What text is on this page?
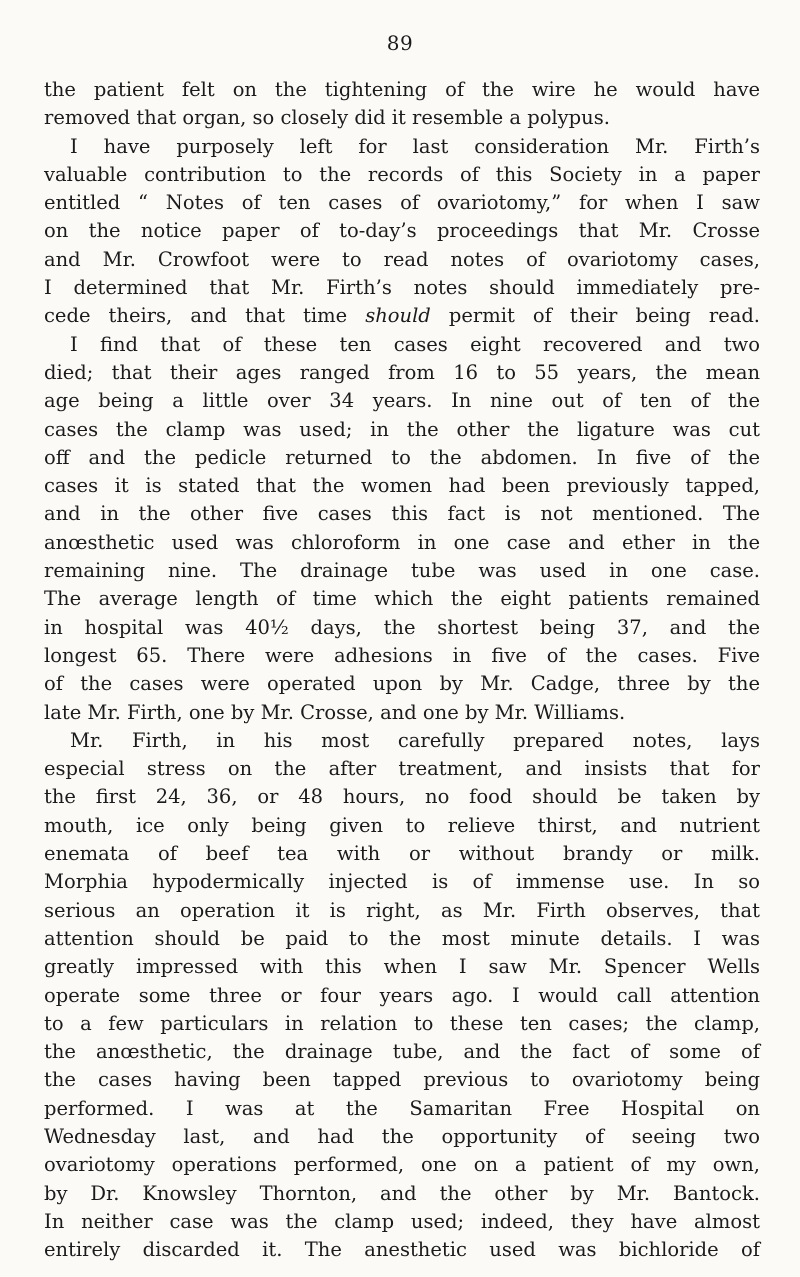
89
the patient felt on the tightening of the wire he would have
removed that organ, so closely did it resemble a polypus.
I have purposely left for last consideration Mr. Firth’s
valuable contribution to the records of this Society in a paper
entitled “ Notes of ten cases of ovariotomy,” for when I saw
on the notice paper of to-day’s proceedings that Mr. Crosse
and Mr. Crowfoot were to read notes of ovariotomy cases,
I determined that Mr. Firth’s notes should immediately pre-
cede theirs, and that time should permit of their being read.
I find that of these ten cases eight recovered and two
died; that their ages ranged from 16 to 55 years, the mean
age being a little over 34 years. In nine out of ten of the
cases the clamp was used; in the other the ligature was cut
off and the pedicle returned to the abdomen. In five of the
cases it is stated that the women had been previously tapped,
and in the other five cases this fact is not mentioned. The
anœsthetic used was chloroform in one case and ether in the
remaining nine. The drainage tube was used in one case.
The average length of time which the eight patients remained
in hospital was 40½ days, the shortest being 37, and the
longest 65. There were adhesions in five of the cases. Five
of the cases were operated upon by Mr. Cadge, three by the
late Mr. Firth, one by Mr. Crosse, and one by Mr. Williams.
Mr. Firth, in his most carefully prepared notes, lays
especial stress on the after treatment, and insists that for
the first 24, 36, or 48 hours, no food should be taken by
mouth, ice only being given to relieve thirst, and nutrient
enemata of beef tea with or without brandy or milk.
Morphia hypodermically injected is of immense use. In so
serious an operation it is right, as Mr. Firth observes, that
attention should be paid to the most minute details. I was
greatly impressed with this when I saw Mr. Spencer Wells
operate some three or four years ago. I would call attention
to a few particulars in relation to these ten cases; the clamp,
the anœsthetic, the drainage tube, and the fact of some of
the cases having been tapped previous to ovariotomy being
performed. I was at the Samaritan Free Hospital on
Wednesday last, and had the opportunity of seeing two
ovariotomy operations performed, one on a patient of my own,
by Dr. Knowsley Thornton, and the other by Mr. Bantock.
In neither case was the clamp used; indeed, they have almost
entirely discarded it. The anesthetic used was bichloride of
